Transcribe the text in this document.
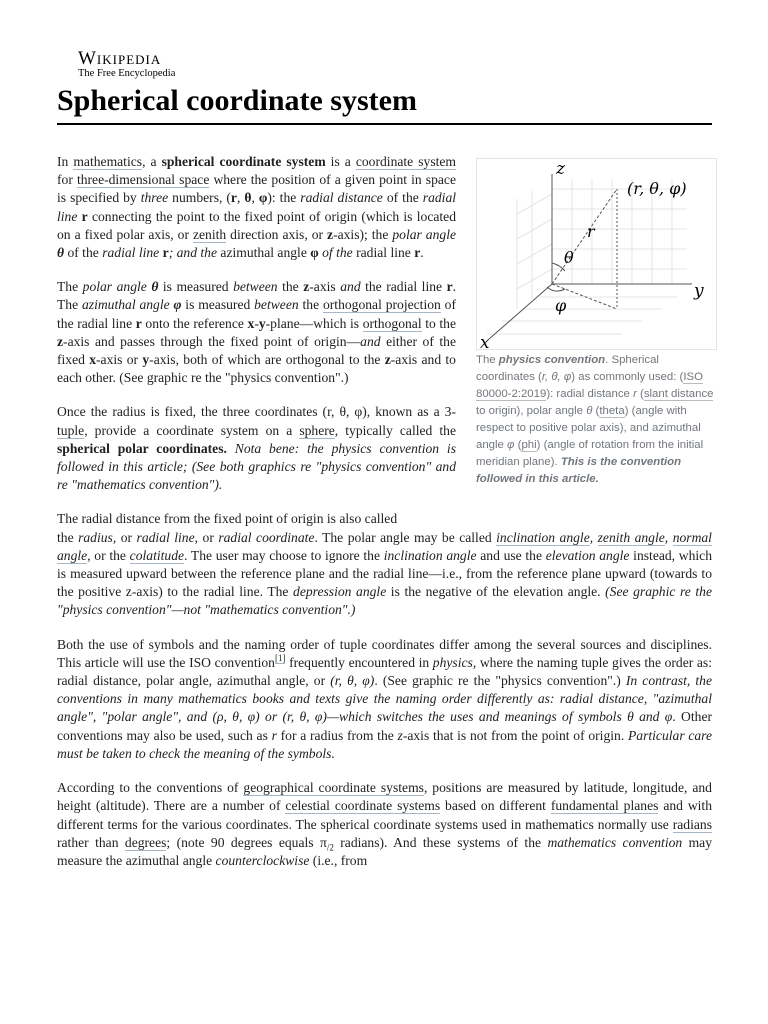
Wikipedia
The Free Encyclopedia
Spherical coordinate system
z
y
x
(r, θ, φ)
r
θ
φ
The physics convention. Spherical coordinates (r, θ, φ) as commonly used: (ISO 80000-2:2019): radial distance r (slant distance to origin), polar angle θ (theta) (angle with respect to positive polar axis), and azimuthal angle φ (phi) (angle of rotation from the initial meridian plane). This is the convention followed in this article.

In mathematics, a spherical coordinate system is a coordinate system for three-dimensional space where the position of a given point in space is specified by three numbers, (r, θ, φ): the radial distance of the radial line r connecting the point to the fixed point of origin (which is located on a fixed polar axis, or zenith direction axis, or z-axis); the polar angle θ of the radial line r; and the azimuthal angle φ of the radial line r.

The polar angle θ is measured between the z-axis and the radial line r. The azimuthal angle φ is measured between the orthogonal projection of the radial line r onto the reference x-y-plane—which is orthogonal to the z-axis and passes through the fixed point of origin—and either of the fixed x-axis or y-axis, both of which are orthogonal to the z-axis and to each other. (See graphic re the "physics convention".)

Once the radius is fixed, the three coordinates (r, θ, φ), known as a 3-tuple, provide a coordinate system on a sphere, typically called the spherical polar coordinates. Nota bene: the physics convention is followed in this article; (See both graphics re "physics convention" and re "mathematics convention").

The radial distance from the fixed point of origin is also called
the radius, or radial line, or radial coordinate. The polar angle may be called inclination angle, zenith angle, normal angle, or the colatitude. The user may choose to ignore the inclination angle and use the elevation angle instead, which is measured upward between the reference plane and the radial line—i.e., from the reference plane upward (towards to the positive z-axis) to the radial line. The depression angle is the negative of the elevation angle. (See graphic re the "physics convention"—not "mathematics convention".)

Both the use of symbols and the naming order of tuple coordinates differ among the several sources and disciplines. This article will use the ISO convention[1] frequently encountered in physics, where the naming tuple gives the order as: radial distance, polar angle, azimuthal angle, or (r, θ, φ). (See graphic re the "physics convention".) In contrast, the conventions in many mathematics books and texts give the naming order differently as: radial distance, "azimuthal angle", "polar angle", and (ρ, θ, φ) or (r, θ, φ)—which switches the uses and meanings of symbols θ and φ. Other conventions may also be used, such as r for a radius from the z-axis that is not from the point of origin. Particular care must be taken to check the meaning of the symbols.

According to the conventions of geographical coordinate systems, positions are measured by latitude, longitude, and height (altitude). There are a number of celestial coordinate systems based on different fundamental planes and with different terms for the various coordinates. The spherical coordinate systems used in mathematics normally use radians rather than degrees; (note 90 degrees equals $\pi_{/2}$ radians). And these systems of the mathematics convention may measure the azimuthal angle counterclockwise (i.e., from
